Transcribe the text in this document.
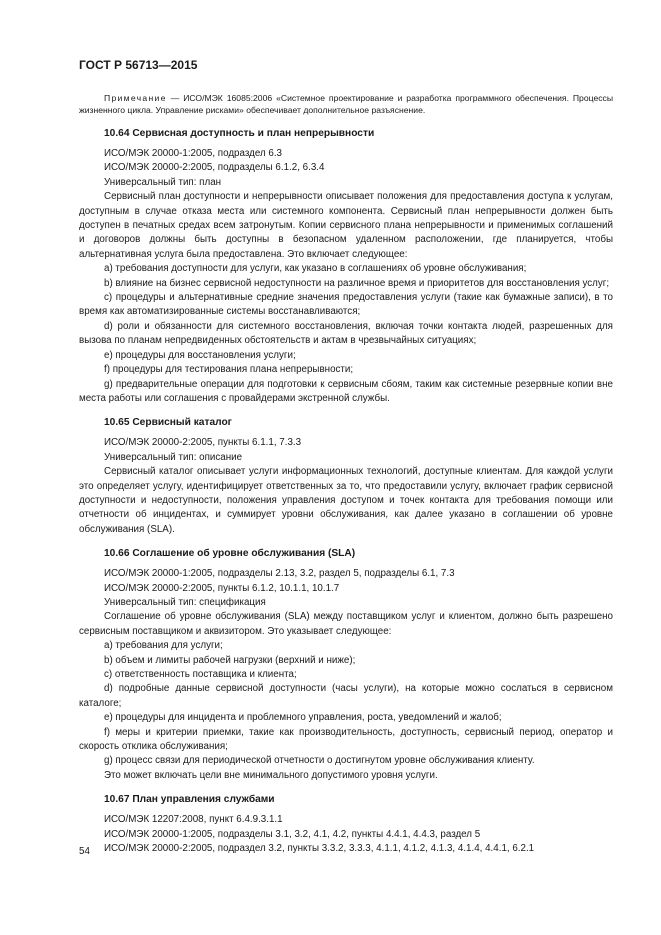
ГОСТ Р 56713—2015

Примечание — ИСО/МЭК 16085:2006 «Системное проектирование и разработка программного обеспечения. Процессы жизненного цикла. Управление рисками» обеспечивает дополнительное разъяснение.

10.64 Сервисная доступность и план непрерывности

ИСО/МЭК 20000-1:2005, подраздел 6.3

ИСО/МЭК 20000-2:2005, подразделы 6.1.2, 6.3.4

Универсальный тип: план

Сервисный план доступности и непрерывности описывает положения для предоставления доступа к услугам, доступным в случае отказа места или системного компонента. Сервисный план непрерывности должен быть доступен в печатных средах всем затронутым. Копии сервисного плана непрерывности и применимых соглашений и договоров должны быть доступны в безопасном удаленном расположении, где планируется, чтобы альтернативная услуга была предоставлена. Это включает следующее:

а) требования доступности для услуги, как указано в соглашениях об уровне обслуживания;

b) влияние на бизнес сервисной недоступности на различное время и приоритетов для восстановления услуг;

c) процедуры и альтернативные средние значения предоставления услуги (такие как бумажные записи), в то время как автоматизированные системы восстанавливаются;

d) роли и обязанности для системного восстановления, включая точки контакта людей, разрешенных для вызова по планам непредвиденных обстоятельств и актам в чрезвычайных ситуациях;

e) процедуры для восстановления услуги;

f) процедуры для тестирования плана непрерывности;

g) предварительные операции для подготовки к сервисным сбоям, таким как системные резервные копии вне места работы или соглашения с провайдерами экстренной службы.

10.65 Сервисный каталог

ИСО/МЭК 20000-2:2005, пункты 6.1.1, 7.3.3

Универсальный тип: описание

Сервисный каталог описывает услуги информационных технологий, доступные клиентам. Для каждой услуги это определяет услугу, идентифицирует ответственных за то, что предоставили услугу, включает график сервисной доступности и недоступности, положения управления доступом и точек контакта для требования помощи или отчетности об инцидентах, и суммирует уровни обслуживания, как далее указано в соглашении об уровне обслуживания (SLA).

10.66 Соглашение об уровне обслуживания (SLA)

ИСО/МЭК 20000-1:2005, подразделы 2.13, 3.2, раздел 5, подразделы 6.1, 7.3

ИСО/МЭК 20000-2:2005, пункты 6.1.2, 10.1.1, 10.1.7

Универсальный тип: спецификация

Соглашение об уровне обслуживания (SLA) между поставщиком услуг и клиентом, должно быть разрешено сервисным поставщиком и аквизитором. Это указывает следующее:

а) требования для услуги;

b) объем и лимиты рабочей нагрузки (верхний и ниже);

c) ответственность поставщика и клиента;

d) подробные данные сервисной доступности (часы услуги), на которые можно сослаться в сервисном каталоге;

e) процедуры для инцидента и проблемного управления, роста, уведомлений и жалоб;

f) меры и критерии приемки, такие как производительность, доступность, сервисный период, оператор и скорость отклика обслуживания;

g) процесс связи для периодической отчетности о достигнутом уровне обслуживания клиенту.

Это может включать цели вне минимального допустимого уровня услуги.

10.67 План управления службами

ИСО/МЭК 12207:2008, пункт 6.4.9.3.1.1

ИСО/МЭК 20000-1:2005, подразделы 3.1, 3.2, 4.1, 4.2, пункты 4.4.1, 4.4.3, раздел 5

ИСО/МЭК 20000-2:2005, подраздел 3.2, пункты 3.3.2, 3.3.3, 4.1.1, 4.1.2, 4.1.3, 4.1.4, 4.4.1, 6.2.1

54
